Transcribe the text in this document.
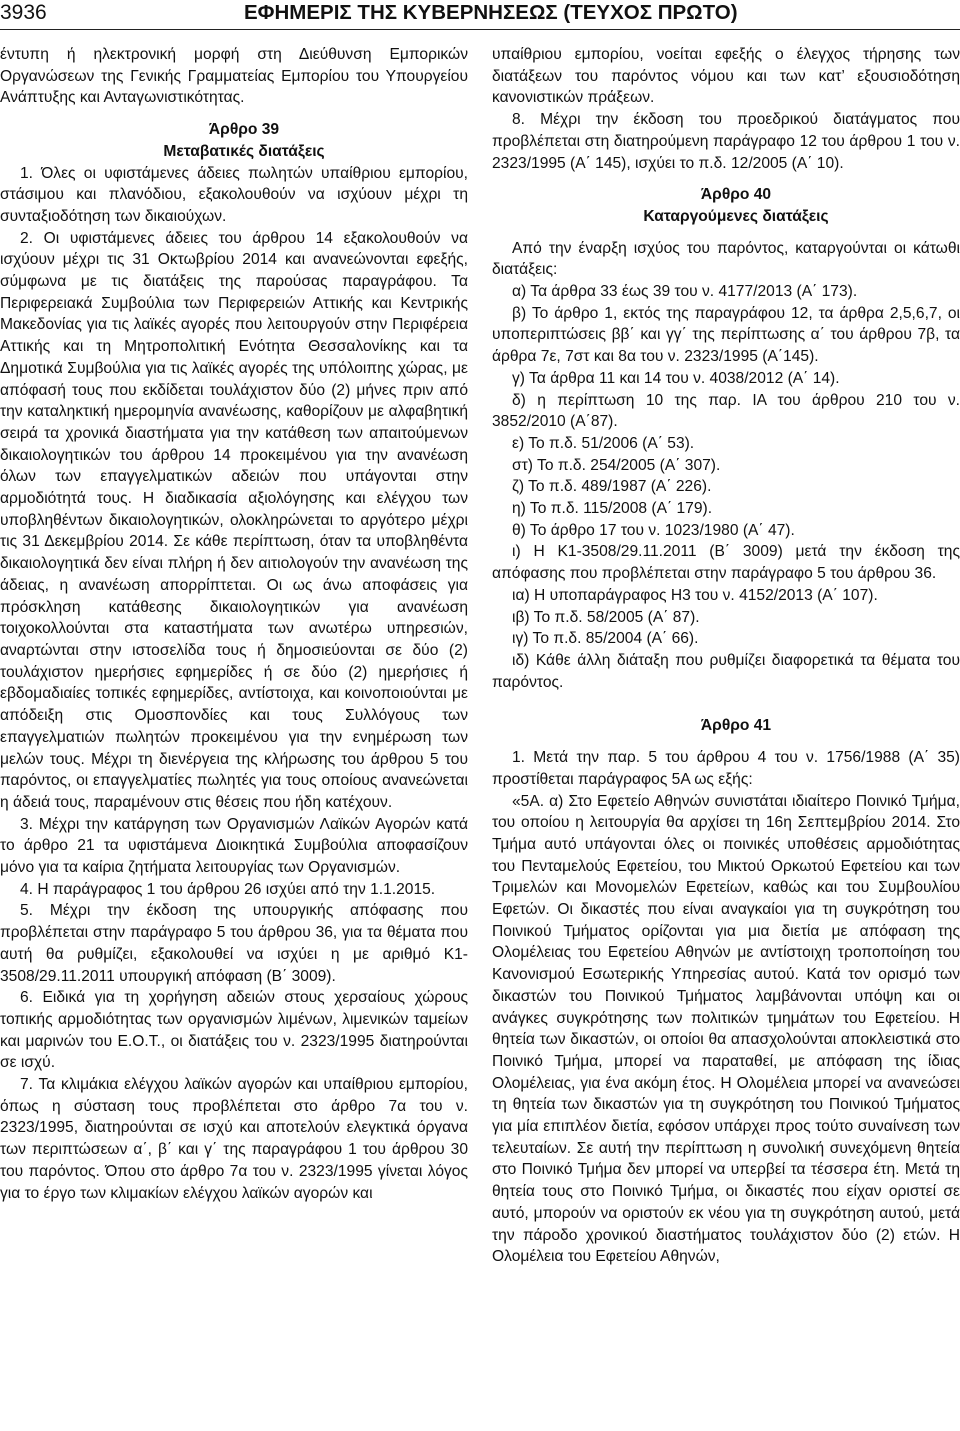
3936	ΕΦΗΜΕΡΙΣ ΤΗΣ ΚΥΒΕΡΝΗΣΕΩΣ (ΤΕΥΧΟΣ ΠΡΩΤΟ)

έντυπη ή ηλεκτρονική μορφή στη Διεύθυνση Εμπορικών Οργανώσεων της Γενικής Γραμματείας Εμπορίου του Υπουργείου Ανάπτυξης και Ανταγωνιστικότητας.

Άρθρο 39

Μεταβατικές διατάξεις

1. Όλες οι υφιστάμενες άδειες πωλητών υπαίθριου εμπορίου, στάσιμου και πλανόδιου, εξακολουθούν να ισχύουν μέχρι τη συνταξιοδότηση των δικαιούχων.

2. Οι υφιστάμενες άδειες του άρθρου 14 εξακολουθούν να ισχύουν μέχρι τις 31 Οκτωβρίου 2014 και ανανεώνονται εφεξής, σύμφωνα με τις διατάξεις της παρούσας παραγράφου. Τα Περιφερειακά Συμβούλια των Περιφερειών Αττικής και Κεντρικής Μακεδονίας για τις λαϊκές αγορές που λειτουργούν στην Περιφέρεια Αττικής και τη Μητροπολιτική Ενότητα Θεσσαλονίκης και τα Δημοτικά Συμβούλια για τις λαϊκές αγορές της υπόλοιπης χώρας, με απόφασή τους που εκδίδεται τουλάχιστον δύο (2) μήνες πριν από την καταληκτική ημερομηνία ανανέωσης, καθορίζουν με αλφαβητική σειρά τα χρονικά διαστήματα για την κατάθεση των απαιτούμενων δικαιολογητικών του άρθρου 14 προκειμένου για την ανανέωση όλων των επαγγελματικών αδειών που υπάγονται στην αρμοδιότητά τους. Η διαδικασία αξιολόγησης και ελέγχου των υποβληθέντων δικαιολογητικών, ολοκληρώνεται το αργότερο μέχρι τις 31 Δεκεμβρίου 2014. Σε κάθε περίπτωση, όταν τα υποβληθέντα δικαιολογητικά δεν είναι πλήρη ή δεν αιτιολογούν την ανανέωση της άδειας, η ανανέωση απορρίπτεται. Οι ως άνω αποφάσεις για πρόσκληση κατάθεσης δικαιολογητικών για ανανέωση τοιχοκολλούνται στα καταστήματα των ανωτέρω υπηρεσιών, αναρτώνται στην ιστοσελίδα τους ή δημοσιεύονται σε δύο (2) τουλάχιστον ημερήσιες εφημερίδες ή σε δύο (2) ημερήσιες ή εβδομαδιαίες τοπικές εφημερίδες, αντίστοιχα, και κοινοποιούνται με απόδειξη στις Ομοσπονδίες και τους Συλλόγους των επαγγελματιών πωλητών προκειμένου για την ενημέρωση των μελών τους. Μέχρι τη διενέργεια της κλήρωσης του άρθρου 5 του παρόντος, οι επαγγελματίες πωλητές για τους οποίους ανανεώνεται η άδειά τους, παραμένουν στις θέσεις που ήδη κατέχουν.

3. Μέχρι την κατάργηση των Οργανισμών Λαϊκών Αγορών κατά το άρθρο 21 τα υφιστάμενα Διοικητικά Συμβούλια αποφασίζουν μόνο για τα καίρια ζητήματα λειτουργίας των Οργανισμών.

4. Η παράγραφος 1 του άρθρου 26 ισχύει από την 1.1.2015.

5. Μέχρι την έκδοση της υπουργικής απόφασης που προβλέπεται στην παράγραφο 5 του άρθρου 36, για τα θέματα που αυτή θα ρυθμίζει, εξακολουθεί να ισχύει η με αριθμό Κ1-3508/29.11.2011 υπουργική απόφαση (Β΄ 3009).

6. Ειδικά για τη χορήγηση αδειών στους χερσαίους χώρους τοπικής αρμοδιότητας των οργανισμών λιμένων, λιμενικών ταμείων και μαρινών του Ε.Ο.Τ., οι διατάξεις του ν. 2323/1995 διατηρούνται σε ισχύ.

7. Τα κλιμάκια ελέγχου λαϊκών αγορών και υπαίθριου εμπορίου, όπως η σύσταση τους προβλέπεται στο άρθρο 7α του ν. 2323/1995, διατηρούνται σε ισχύ και αποτελούν ελεγκτικά όργανα των περιπτώσεων α΄, β΄ και γ΄ της παραγράφου 1 του άρθρου 30 του παρόντος. Όπου στο άρθρο 7α του ν. 2323/1995 γίνεται λόγος για το έργο των κλιμακίων ελέγχου λαϊκών αγορών και

υπαίθριου εμπορίου, νοείται εφεξής ο έλεγχος τήρησης των διατάξεων του παρόντος νόμου και των κατ’ εξουσιοδότηση κανονιστικών πράξεων.

8. Μέχρι την έκδοση του προεδρικού διατάγματος που προβλέπεται στη διατηρούμενη παράγραφο 12 του άρθρου 1 του ν. 2323/1995 (Α΄ 145), ισχύει το π.δ. 12/2005 (Α΄ 10).

Άρθρο 40

Καταργούμενες διατάξεις

Από την έναρξη ισχύος του παρόντος, καταργούνται οι κάτωθι διατάξεις:

α) Τα άρθρα 33 έως 39 του ν. 4177/2013 (Α΄ 173).

β) Το άρθρο 1, εκτός της παραγράφου 12, τα άρθρα 2,5,6,7, οι υποπεριπτώσεις ββ΄ και γγ΄ της περίπτωσης α΄ του άρθρου 7β, τα άρθρα 7ε, 7στ και 8α του ν. 2323/1995 (Α΄145).

γ) Τα άρθρα 11 και 14 του ν. 4038/2012 (Α΄ 14).

δ) η περίπτωση 10 της παρ. ΙΑ του άρθρου 210 του ν. 3852/2010 (Α΄87).

ε) Το π.δ. 51/2006 (Α΄ 53).

στ) Το π.δ. 254/2005 (Α΄ 307).

ζ) Το π.δ. 489/1987 (Α΄ 226).

η) Το π.δ. 115/2008 (Α΄ 179).

θ) Το άρθρο 17 του ν. 1023/1980 (Α΄ 47).

ι) Η Κ1-3508/29.11.2011 (Β΄ 3009) μετά την έκδοση της απόφασης που προβλέπεται στην παράγραφο 5 του άρθρου 36.

ια) Η υποπαράγραφος Η3 του ν. 4152/2013 (Α΄ 107).

ιβ) Το π.δ. 58/2005 (Α΄ 87).

ιγ) Το π.δ. 85/2004 (Α΄ 66).

ιδ) Κάθε άλλη διάταξη που ρυθμίζει διαφορετικά τα θέματα του παρόντος.

Άρθρο 41

1. Μετά την παρ. 5 του άρθρου 4 του ν. 1756/1988 (Α΄ 35) προστίθεται παράγραφος 5Α ως εξής:

«5Α. α) Στο Εφετείο Αθηνών συνιστάται ιδιαίτερο Ποινικό Τμήμα, του οποίου η λειτουργία θα αρχίσει τη 16η Σεπτεμβρίου 2014. Στο Τμήμα αυτό υπάγονται όλες οι ποινικές υποθέσεις αρμοδιότητας του Πενταμελούς Εφετείου, του Μικτού Ορκωτού Εφετείου και των Τριμελών και Μονομελών Εφετείων, καθώς και του Συμβουλίου Εφετών. Οι δικαστές που είναι αναγκαίοι για τη συγκρότηση του Ποινικού Τμήματος ορίζονται για μια διετία με απόφαση της Ολομέλειας του Εφετείου Αθηνών με αντίστοιχη τροποποίηση του Κανονισμού Εσωτερικής Υπηρεσίας αυτού. Κατά τον ορισμό των δικαστών του Ποινικού Τμήματος λαμβάνονται υπόψη και οι ανάγκες συγκρότησης των πολιτικών τμημάτων του Εφετείου. Η θητεία των δικαστών, οι οποίοι θα απασχολούνται αποκλειστικά στο Ποινικό Τμήμα, μπορεί να παραταθεί, με απόφαση της ίδιας Ολομέλειας, για ένα ακόμη έτος. Η Ολομέλεια μπορεί να ανανεώσει τη θητεία των δικαστών για τη συγκρότηση του Ποινικού Τμήματος για μία επιπλέον διετία, εφόσον υπάρχει προς τούτο συναίνεση των τελευταίων. Σε αυτή την περίπτωση η συνολική συνεχόμενη θητεία στο Ποινικό Τμήμα δεν μπορεί να υπερβεί τα τέσσερα έτη. Μετά τη θητεία τους στο Ποινικό Τμήμα, οι δικαστές που είχαν οριστεί σε αυτό, μπορούν να οριστούν εκ νέου για τη συγκρότηση αυτού, μετά την πάροδο χρονικού διαστήματος τουλάχιστον δύο (2) ετών. Η Ολομέλεια του Εφετείου Αθηνών,
